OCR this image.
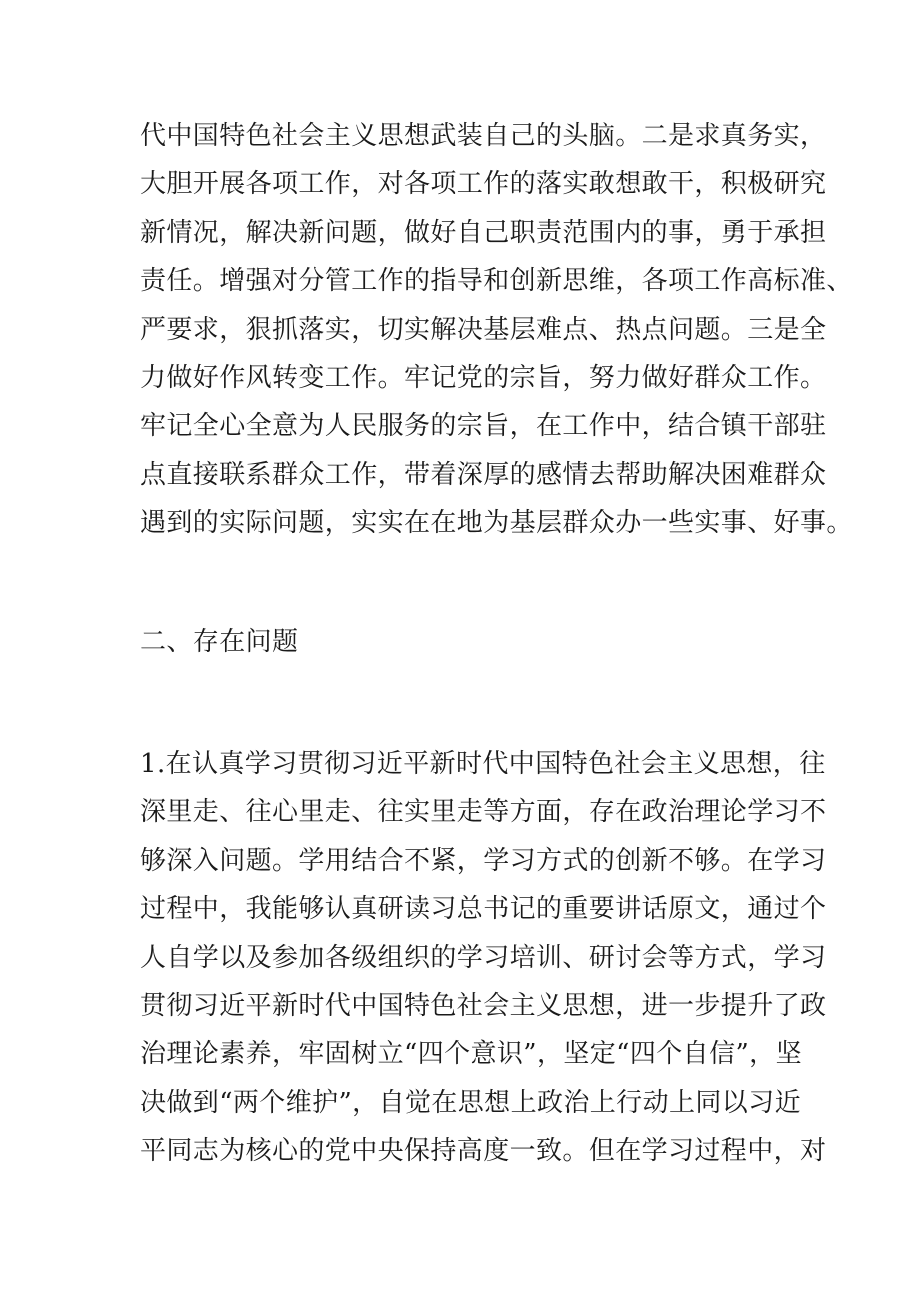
代中国特色社会主义思想武装自己的头脑。二是求真务实，
大胆开展各项工作，对各项工作的落实敢想敢干，积极研究
新情况，解决新问题，做好自己职责范围内的事，勇于承担
责任。增强对分管工作的指导和创新思维，各项工作高标准、
严要求，狠抓落实，切实解决基层难点、热点问题。三是全
力做好作风转变工作。牢记党的宗旨，努力做好群众工作。
牢记全心全意为人民服务的宗旨，在工作中，结合镇干部驻
点直接联系群众工作，带着深厚的感情去帮助解决困难群众
遇到的实际问题，实实在在地为基层群众办一些实事、好事。
二、存在问题
1.在认真学习贯彻习近平新时代中国特色社会主义思想，往
深里走、往心里走、往实里走等方面，存在政治理论学习不
够深入问题。学用结合不紧，学习方式的创新不够。在学习
过程中，我能够认真研读习总书记的重要讲话原文，通过个
人自学以及参加各级组织的学习培训、研讨会等方式，学习
贯彻习近平新时代中国特色社会主义思想，进一步提升了政
治理论素养，牢固树立“四个意识”，坚定“四个自信”，坚
决做到“两个维护”，自觉在思想上政治上行动上同以习近
平同志为核心的党中央保持高度一致。但在学习过程中，对
